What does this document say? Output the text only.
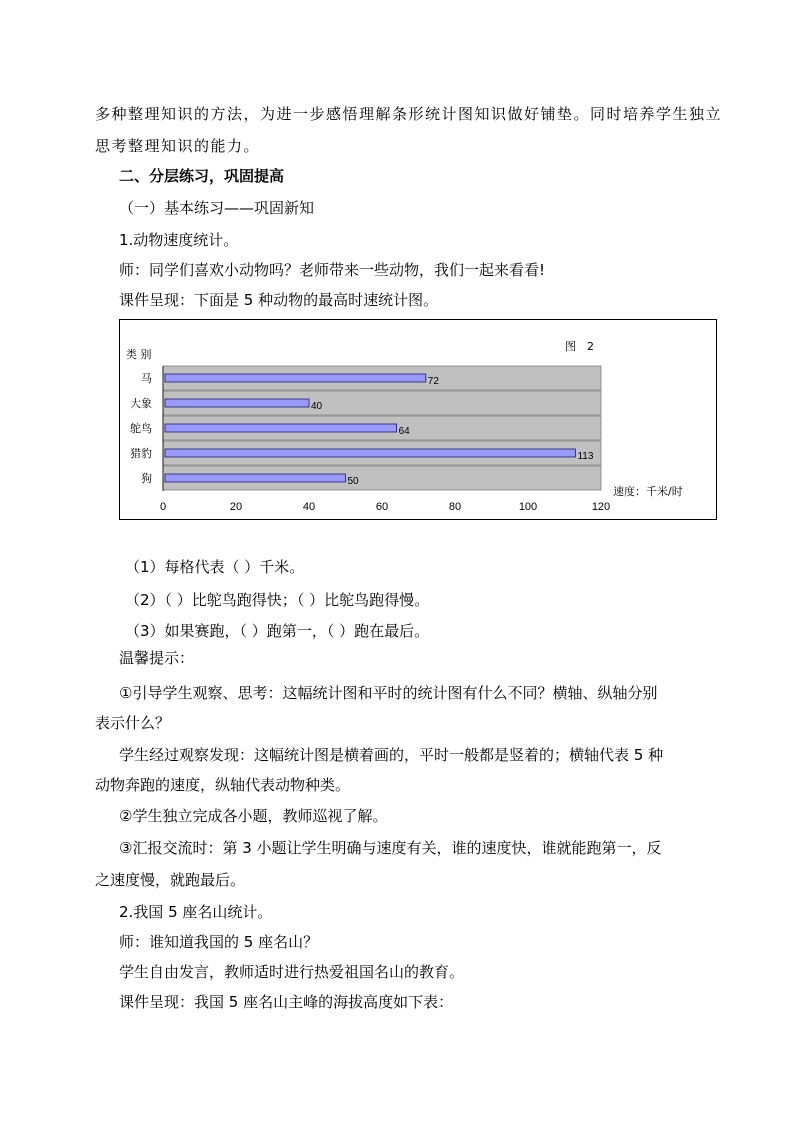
多种整理知识的方法，为进一步感悟理解条形统计图知识做好铺垫。同时培养学生独立
思考整理知识的能力。
二、分层练习，巩固提高
（一）基本练习——巩固新知
1.动物速度统计。
师：同学们喜欢小动物吗？老师带来一些动物，我们一起来看看!
课件呈现：下面是 5 种动物的最高时速统计图。
图　2
类 别
速度：千米/时
马	72
大象	40
鸵鸟	64
猎豹	113
狗	50
0	20	40	60	80	100	120
（1）每格代表（ ）千米。
（2）（ ）比鸵鸟跑得快；（ ）比鸵鸟跑得慢。
（3）如果赛跑，（ ）跑第一，（ ）跑在最后。
温馨提示：
①引导学生观察、思考：这幅统计图和平时的统计图有什么不同？横轴、纵轴分别
表示什么？
学生经过观察发现：这幅统计图是横着画的，平时一般都是竖着的；横轴代表 5 种
动物奔跑的速度，纵轴代表动物种类。
②学生独立完成各小题，教师巡视了解。
③汇报交流时：第 3 小题让学生明确与速度有关，谁的速度快，谁就能跑第一，反
之速度慢，就跑最后。
2.我国 5 座名山统计。
师：谁知道我国的 5 座名山？
学生自由发言，教师适时进行热爱祖国名山的教育。
课件呈现：我国 5 座名山主峰的海拔高度如下表：
